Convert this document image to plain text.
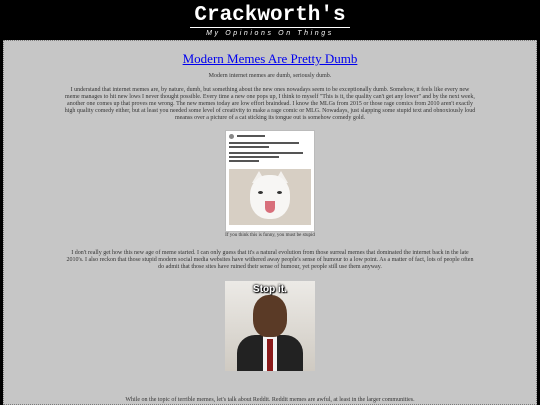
Crackworth's
My Opinions On Things
Modern Memes Are Pretty Dumb
Modern internet memes are dumb, seriously dumb.
I understand that internet memes are, by nature, dumb, but something about the new ones nowadays seem to be exceptionally dumb. Somehow, it feels like every new meme manages to hit new lows I never thought possible. Every time a new one pops up, I think to myself "This is it, the quality can't get any lower" and by the next week, another one comes up that proves me wrong. The new memes today are low effort braindead. I know the MLGs from 2015 or those rage comics from 2010 aren't exactly high quality comedy either, but at least you needed some level of creativity to make a rage comic or MLG. Nowadays, just slapping some stupid text and obnoxiously loud meanss over a picture of a cat sticking its tongue out is somehow comedy gold.
If you think this is funny, you must be stupid
I don't really get how this new age of meme started. I can only guess that it's a natural evolution from those surreal memes that dominated the internet back in the late 2010's. I also reckon that those stupid modern social media websites have withered away people's sense of humour to a low point. As a matter of fact, lots of people often do admit that those sites have ruined their sense of humour, yet people still use them anyway.
Stop it.
While on the topic of terrible memes, let's talk about Reddit. Reddit memes are awful, at least in the larger communities.
